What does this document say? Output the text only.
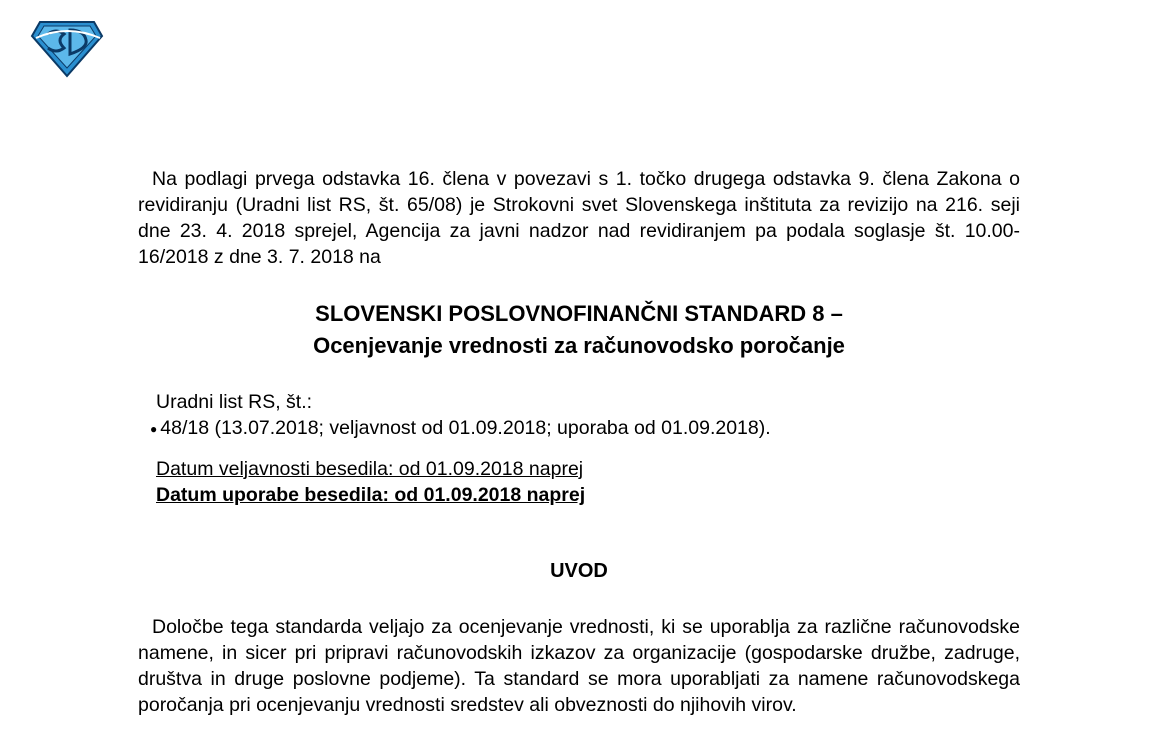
Na podlagi prvega odstavka 16. člena v povezavi s 1. točko drugega odstavka 9. člena Zakona o revidiranju (Uradni list RS, št. 65/08) je Strokovni svet Slovenskega inštituta za revizijo na 216. seji dne 23. 4. 2018 sprejel, Agencija za javni nadzor nad revidiranjem pa podala soglasje št. 10.00-16/2018 z dne 3. 7. 2018 na
SLOVENSKI POSLOVNOFINANČNI STANDARD 8 –
Ocenjevanje vrednosti za računovodsko poročanje
Uradni list RS, št.:
● 48/18 (13.07.2018; veljavnost od 01.09.2018; uporaba od 01.09.2018).
Datum veljavnosti besedila: od 01.09.2018 naprej
Datum uporabe besedila: od 01.09.2018 naprej
UVOD
Določbe tega standarda veljajo za ocenjevanje vrednosti, ki se uporablja za različne računovodske namene, in sicer pri pripravi računovodskih izkazov za organizacije (gospodarske družbe, zadruge, društva in druge poslovne podjeme). Ta standard se mora uporabljati za namene računovodskega poročanja pri ocenjevanju vrednosti sredstev ali obveznosti do njihovih virov.
